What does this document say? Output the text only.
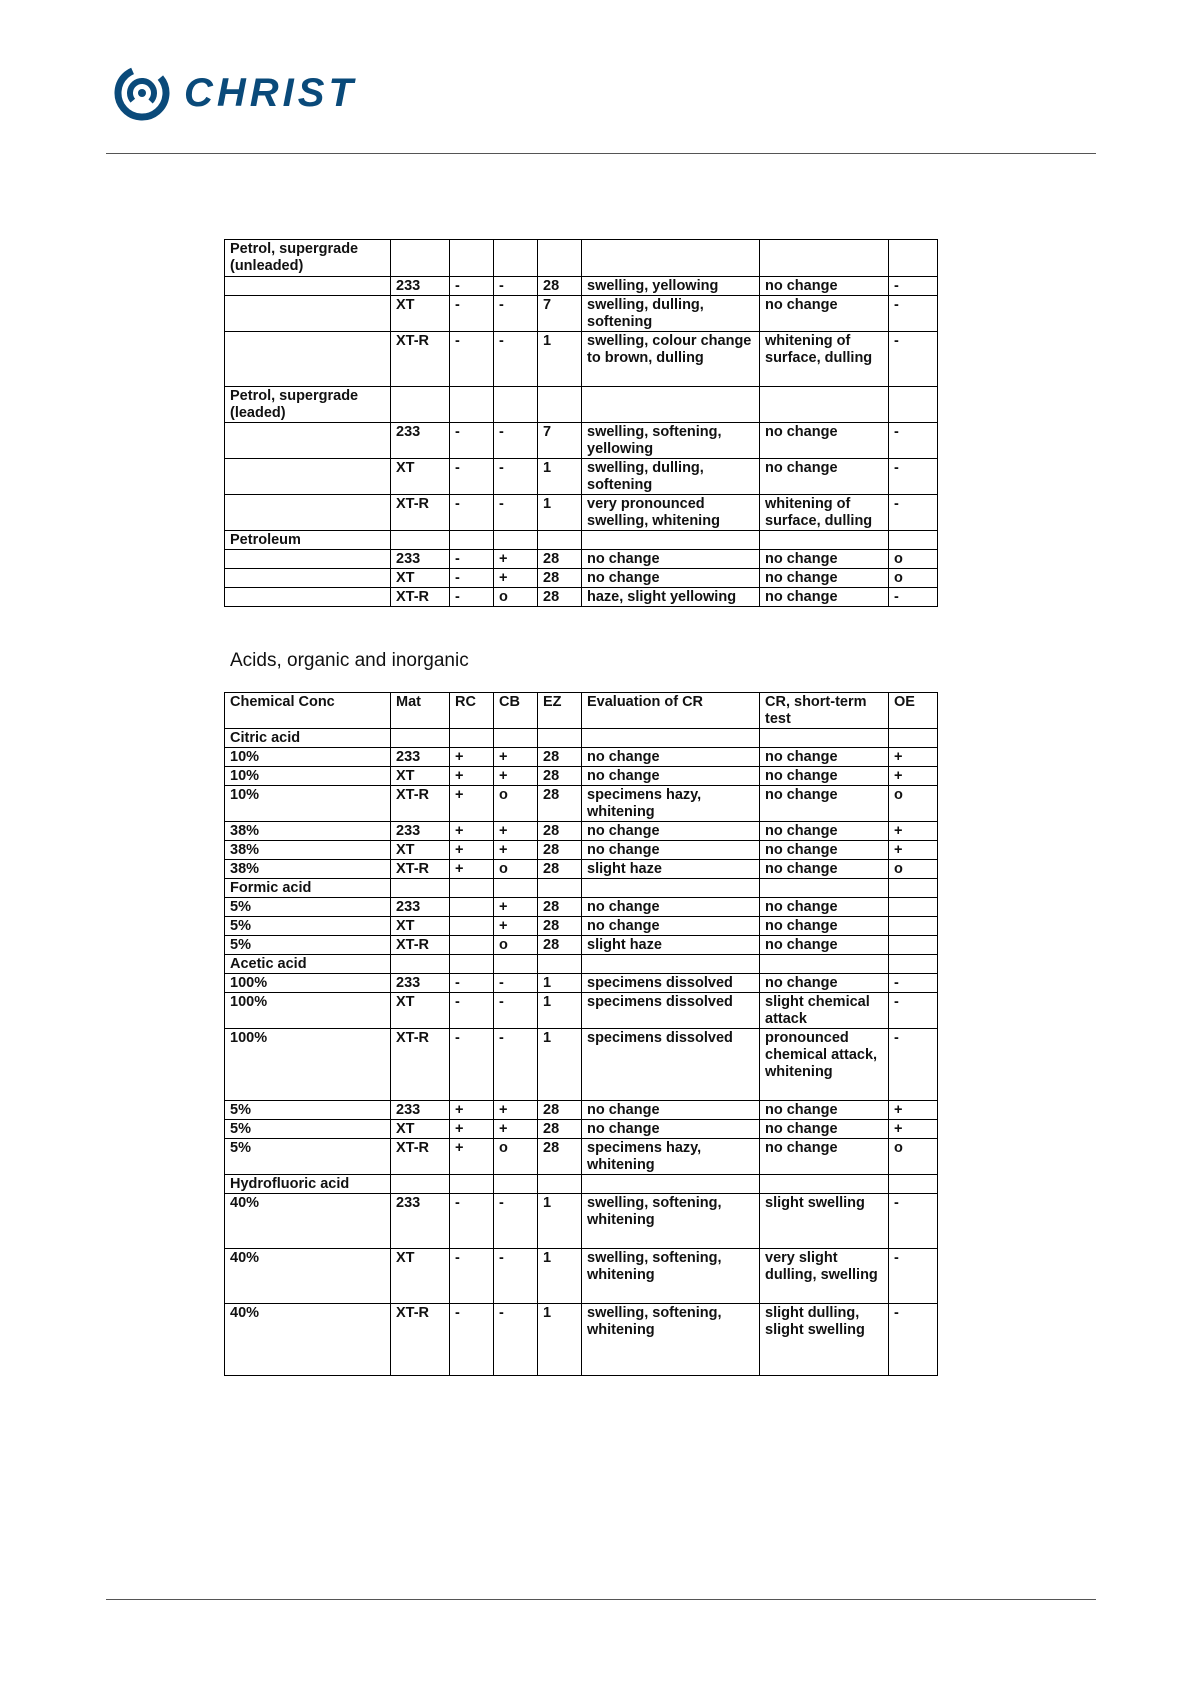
CHRIST
Petrol, supergrade (unleaded)							
	233	-	-	28	swelling, yellowing	no change	-
	XT	-	-	7	swelling, dulling, softening	no change	-
	XT-R	-	-	1	swelling, colour change to brown, dulling	whitening of surface, dulling	-
Petrol, supergrade (leaded)							
	233	-	-	7	swelling, softening, yellowing	no change	-
	XT	-	-	1	swelling, dulling, softening	no change	-
	XT-R	-	-	1	very pronounced swelling, whitening	whitening of surface, dulling	-
Petroleum							
	233	-	+	28	no change	no change	o
	XT	-	+	28	no change	no change	o
	XT-R	-	o	28	haze, slight yellowing	no change	-
Acids, organic and inorganic
Chemical Conc	Mat	RC	CB	EZ	Evaluation of CR	CR, short-term test	OE
Citric acid							
10%	233	+	+	28	no change	no change	+
10%	XT	+	+	28	no change	no change	+
10%	XT-R	+	o	28	specimens hazy, whitening	no change	o
38%	233	+	+	28	no change	no change	+
38%	XT	+	+	28	no change	no change	+
38%	XT-R	+	o	28	slight haze	no change	o
Formic acid							
5%	233		+	28	no change	no change	
5%	XT		+	28	no change	no change	
5%	XT-R		o	28	slight haze	no change	
Acetic acid							
100%	233	-	-	1	specimens dissolved	no change	-
100%	XT	-	-	1	specimens dissolved	slight chemical attack	-
100%	XT-R	-	-	1	specimens dissolved	pronounced chemical attack, whitening	-
5%	233	+	+	28	no change	no change	+
5%	XT	+	+	28	no change	no change	+
5%	XT-R	+	o	28	specimens hazy, whitening	no change	o
Hydrofluoric acid							
40%	233	-	-	1	swelling, softening, whitening	slight swelling	-
40%	XT	-	-	1	swelling, softening, whitening	very slight dulling, swelling	-
40%	XT-R	-	-	1	swelling, softening, whitening	slight dulling, slight swelling	-
